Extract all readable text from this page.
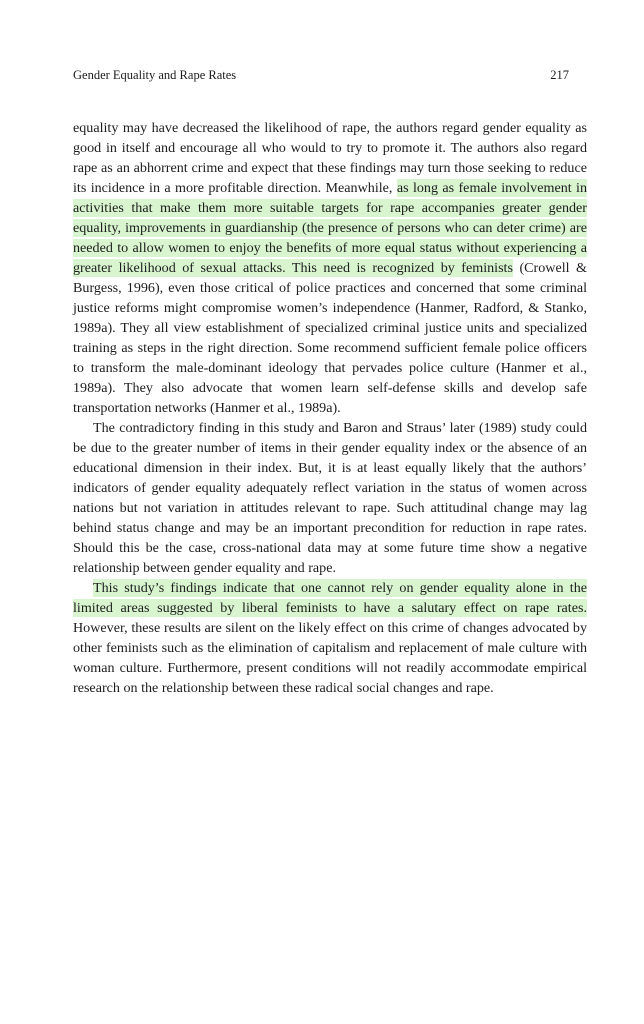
Gender Equality and Rape Rates	217

equality may have decreased the likelihood of rape, the authors regard gender equality as good in itself and encourage all who would to try to promote it. The authors also regard rape as an abhorrent crime and expect that these findings may turn those seeking to reduce its incidence in a more profitable direction. Meanwhile, as long as female involvement in activities that make them more suitable targets for rape accompanies greater gender equality, improvements in guardianship (the presence of persons who can deter crime) are needed to allow women to enjoy the benefits of more equal status without experiencing a greater likelihood of sexual attacks. This need is recognized by feminists (Crowell & Burgess, 1996), even those critical of police practices and concerned that some criminal justice reforms might compromise women’s independence (Hanmer, Radford, & Stanko, 1989a). They all view establishment of specialized criminal justice units and specialized training as steps in the right direction. Some recommend sufficient female police officers to transform the male-dominant ideology that pervades police culture (Hanmer et al., 1989a). They also advocate that women learn self-defense skills and develop safe transportation networks (Hanmer et al., 1989a).

The contradictory finding in this study and Baron and Straus’ later (1989) study could be due to the greater number of items in their gender equality index or the absence of an educational dimension in their index. But, it is at least equally likely that the authors’ indicators of gender equality adequately reflect variation in the status of women across nations but not variation in attitudes relevant to rape. Such attitudinal change may lag behind status change and may be an important precondition for reduction in rape rates. Should this be the case, cross-national data may at some future time show a negative relationship between gender equality and rape.

This study’s findings indicate that one cannot rely on gender equality alone in the limited areas suggested by liberal feminists to have a salutary effect on rape rates. However, these results are silent on the likely effect on this crime of changes advocated by other feminists such as the elimination of capitalism and replacement of male culture with woman culture. Furthermore, present conditions will not readily accommodate empirical research on the relationship between these radical social changes and rape.
